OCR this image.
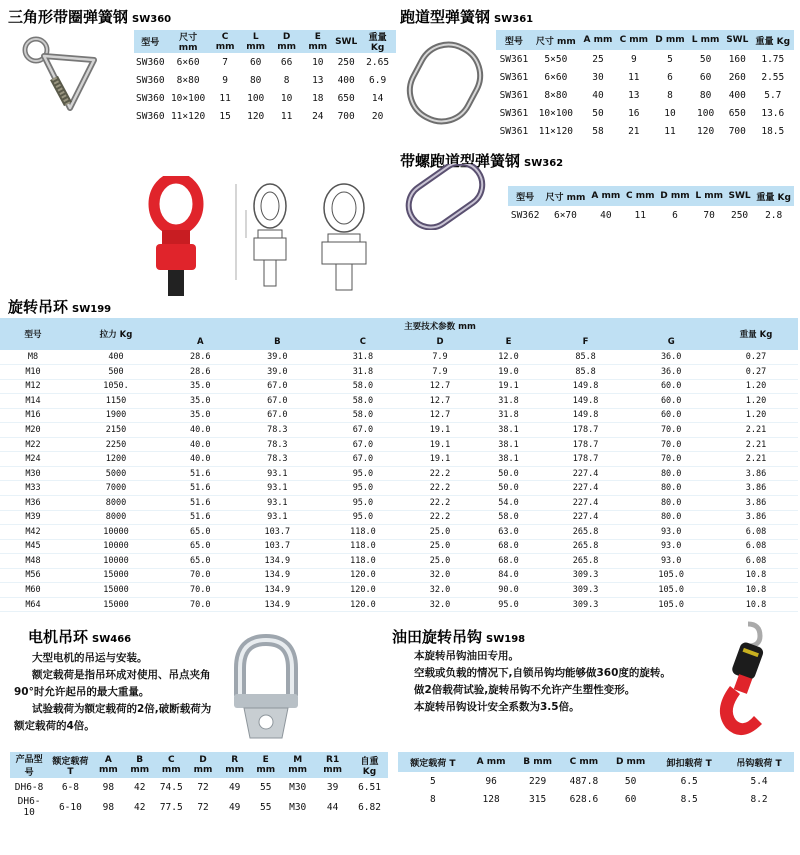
三角形带圈弹簧钢 SW360
型号	尺寸 mm	C mm	L mm	D mm	E mm	SWL	重量 Kg
SW360	6×60	7	60	66	10	250	2.65
SW360	8×80	9	80	8	13	400	6.9
SW360	10×100	11	100	10	18	650	14
SW360	11×120	15	120	11	24	700	20
跑道型弹簧钢 SW361
型号	尺寸 mm	A mm	C mm	D mm	L mm	SWL	重量 Kg
SW361	5×50	25	9	5	50	160	1.75
SW361	6×60	30	11	6	60	260	2.55
SW361	8×80	40	13	8	80	400	5.7
SW361	10×100	50	16	10	100	650	13.6
SW361	11×120	58	21	11	120	700	18.5
带螺跑道型弹簧钢 SW362
型号	尺寸 mm	A mm	C mm	D mm	L mm	SWL	重量 Kg
SW362	6×70	40	11	6	70	250	2.8
旋转吊环 SW199
型号	拉力 Kg	主要技术参数 mm							重量 Kg
		A	B	C	D	E	F	G	
M8	400	28.6	39.0	31.8	7.9	12.0	85.8	36.0	0.27
M10	500	28.6	39.0	31.8	7.9	19.0	85.8	36.0	0.27
M12	1050.	35.0	67.0	58.0	12.7	19.1	149.8	60.0	1.20
M14	1150	35.0	67.0	58.0	12.7	31.8	149.8	60.0	1.20
M16	1900	35.0	67.0	58.0	12.7	31.8	149.8	60.0	1.20
M20	2150	40.0	78.3	67.0	19.1	38.1	178.7	70.0	2.21
M22	2250	40.0	78.3	67.0	19.1	38.1	178.7	70.0	2.21
M24	1200	40.0	78.3	67.0	19.1	38.1	178.7	70.0	2.21
M30	5000	51.6	93.1	95.0	22.2	50.0	227.4	80.0	3.86
M33	7000	51.6	93.1	95.0	22.2	50.0	227.4	80.0	3.86
M36	8000	51.6	93.1	95.0	22.2	54.0	227.4	80.0	3.86
M39	8000	51.6	93.1	95.0	22.2	58.0	227.4	80.0	3.86
M42	10000	65.0	103.7	118.0	25.0	63.0	265.8	93.0	6.08
M45	10000	65.0	103.7	118.0	25.0	68.0	265.8	93.0	6.08
M48	10000	65.0	134.9	118.0	25.0	68.0	265.8	93.0	6.08
M56	15000	70.0	134.9	120.0	32.0	84.0	309.3	105.0	10.8
M60	15000	70.0	134.9	120.0	32.0	90.0	309.3	105.0	10.8
M64	15000	70.0	134.9	120.0	32.0	95.0	309.3	105.0	10.8
电机吊环 SW466

大型电机的吊运与安装。

额定载荷是指吊环成对使用、吊点夹角90°时允许起吊的最大重量。

试验载荷为额定载荷的2倍,破断载荷为额定载荷的4倍。

产品型号	额定载荷 T	A mm	B mm	C mm	D mm	R mm	E mm	M mm	R1 mm	自重 Kg
DH6-8	6-8	98	42	74.5	72	49	55	M30	39	6.51
DH6-10	6-10	98	42	77.5	72	49	55	M30	44	6.82
油田旋转吊钩 SW198

本旋转吊钩油田专用。

空载或负载的情况下,自锁吊钩均能够做360度的旋转。

做2倍载荷试验,旋转吊钩不允许产生塑性变形。

本旋转吊钩设计安全系数为3.5倍。

额定载荷 T	A mm	B mm	C mm	D mm	卸扣载荷 T	吊钩载荷 T
5	96	229	487.8	50	6.5	5.4
8	128	315	628.6	60	8.5	8.2
